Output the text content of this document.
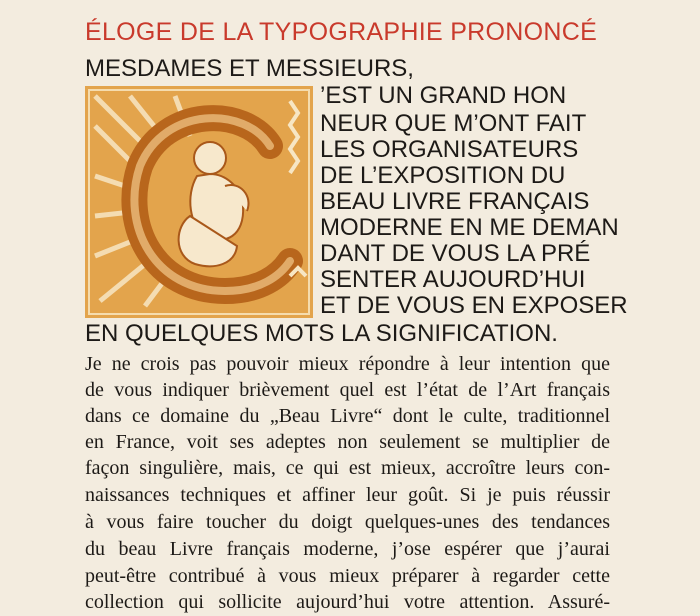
ÉLOGE DE LA TYPOGRAPHIE PRONONCÉ
MESDAMES ET MESSIEURS,
’EST UN GRAND HON
NEUR QUE M’ONT FAIT
LES ORGANISATEURS
DE L’EXPOSITION DU
BEAU LIVRE FRANÇAIS
MODERNE EN ME DEMAN
DANT DE VOUS LA PRÉ
SENTER AUJOURD’HUI
ET DE VOUS EN EXPOSER
EN QUELQUES MOTS LA SIGNIFICATION.
Je ne crois pas pouvoir mieux répondre à leur intention que
de vous indiquer brièvement quel est l’état de l’Art français
dans ce domaine du „Beau Livre“ dont le culte, traditionnel
en France, voit ses adeptes non seulement se multiplier de
façon singulière, mais, ce qui est mieux, accroître leurs con-
naissances techniques et affiner leur goût. Si je puis réussir
à vous faire toucher du doigt quelques-unes des tendances
du beau Livre français moderne, j’ose espérer que j’aurai
peut-être contribué à vous mieux préparer à regarder cette
collection qui sollicite aujourd’hui votre attention. Assuré-
